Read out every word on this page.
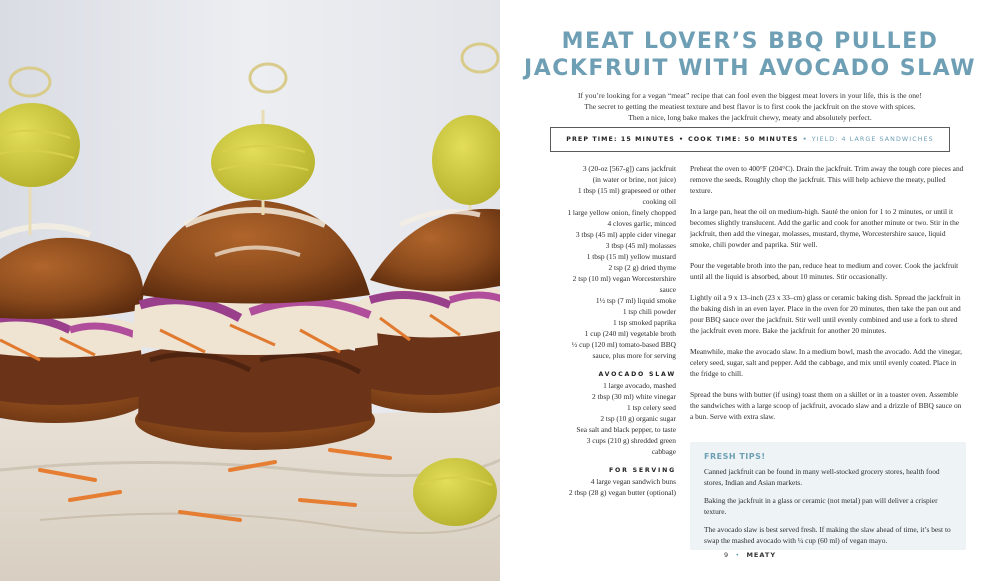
MEAT LOVER’S BBQ PULLED
JACKFRUIT WITH AVOCADO SLAW
If you’re looking for a vegan “meat” recipe that can fool even the biggest meat lovers in your life, this is the one!
The secret to getting the meatiest texture and best flavor is to first cook the jackfruit on the stove with spices.
Then a nice, long bake makes the jackfruit chewy, meaty and absolutely perfect.
PREP TIME: 15 MINUTES • COOK TIME: 50 MINUTES • YIELD: 4 LARGE SANDWICHES
3 (20-oz [567-g]) cans jackfruit
(in water or brine, not juice)
1 tbsp (15 ml) grapeseed or other
cooking oil
1 large yellow onion, finely chopped
4 cloves garlic, minced
3 tbsp (45 ml) apple cider vinegar
3 tbsp (45 ml) molasses
1 tbsp (15 ml) yellow mustard
2 tsp (2 g) dried thyme
2 tsp (10 ml) vegan Worcestershire
sauce
1½ tsp (7 ml) liquid smoke
1 tsp chili powder
1 tsp smoked paprika
1 cup (240 ml) vegetable broth
½ cup (120 ml) tomato-based BBQ
sauce, plus more for serving
AVOCADO SLAW
1 large avocado, mashed
2 tbsp (30 ml) white vinegar
1 tsp celery seed
2 tsp (10 g) organic sugar
Sea salt and black pepper, to taste
3 cups (210 g) shredded green
cabbage
FOR SERVING
4 large vegan sandwich buns
2 tbsp (28 g) vegan butter (optional)

Preheat the oven to 400°F (204°C). Drain the jackfruit. Trim away the tough core pieces and remove the seeds. Roughly chop the jackfruit. This will help achieve the meaty, pulled texture.

In a large pan, heat the oil on medium-high. Sauté the onion for 1 to 2 minutes, or until it becomes slightly translucent. Add the garlic and cook for another minute or two. Stir in the jackfruit, then add the vinegar, molasses, mustard, thyme, Worcestershire sauce, liquid smoke, chili powder and paprika. Stir well.

Pour the vegetable broth into the pan, reduce heat to medium and cover. Cook the jackfruit until all the liquid is absorbed, about 10 minutes. Stir occasionally.

Lightly oil a 9 x 13–inch (23 x 33–cm) glass or ceramic baking dish. Spread the jackfruit in the baking dish in an even layer. Place in the oven for 20 minutes, then take the pan out and pour BBQ sauce over the jackfruit. Stir well until evenly combined and use a fork to shred the jackfruit even more. Bake the jackfruit for another 20 minutes.

Meanwhile, make the avocado slaw. In a medium bowl, mash the avocado. Add the vinegar, celery seed, sugar, salt and pepper. Add the cabbage, and mix until evenly coated. Place in the fridge to chill.

Spread the buns with butter (if using) toast them on a skillet or in a toaster oven. Assemble the sandwiches with a large scoop of jackfruit, avocado slaw and a drizzle of BBQ sauce on a bun. Serve with extra slaw.

FRESH TIPS!

Canned jackfruit can be found in many well-stocked grocery stores, health food stores, Indian and Asian markets.

Baking the jackfruit in a glass or ceramic (not metal) pan will deliver a crispier texture.

The avocado slaw is best served fresh. If making the slaw ahead of time, it’s best to swap the mashed avocado with ¼ cup (60 ml) of vegan mayo.

9 • MEATY
